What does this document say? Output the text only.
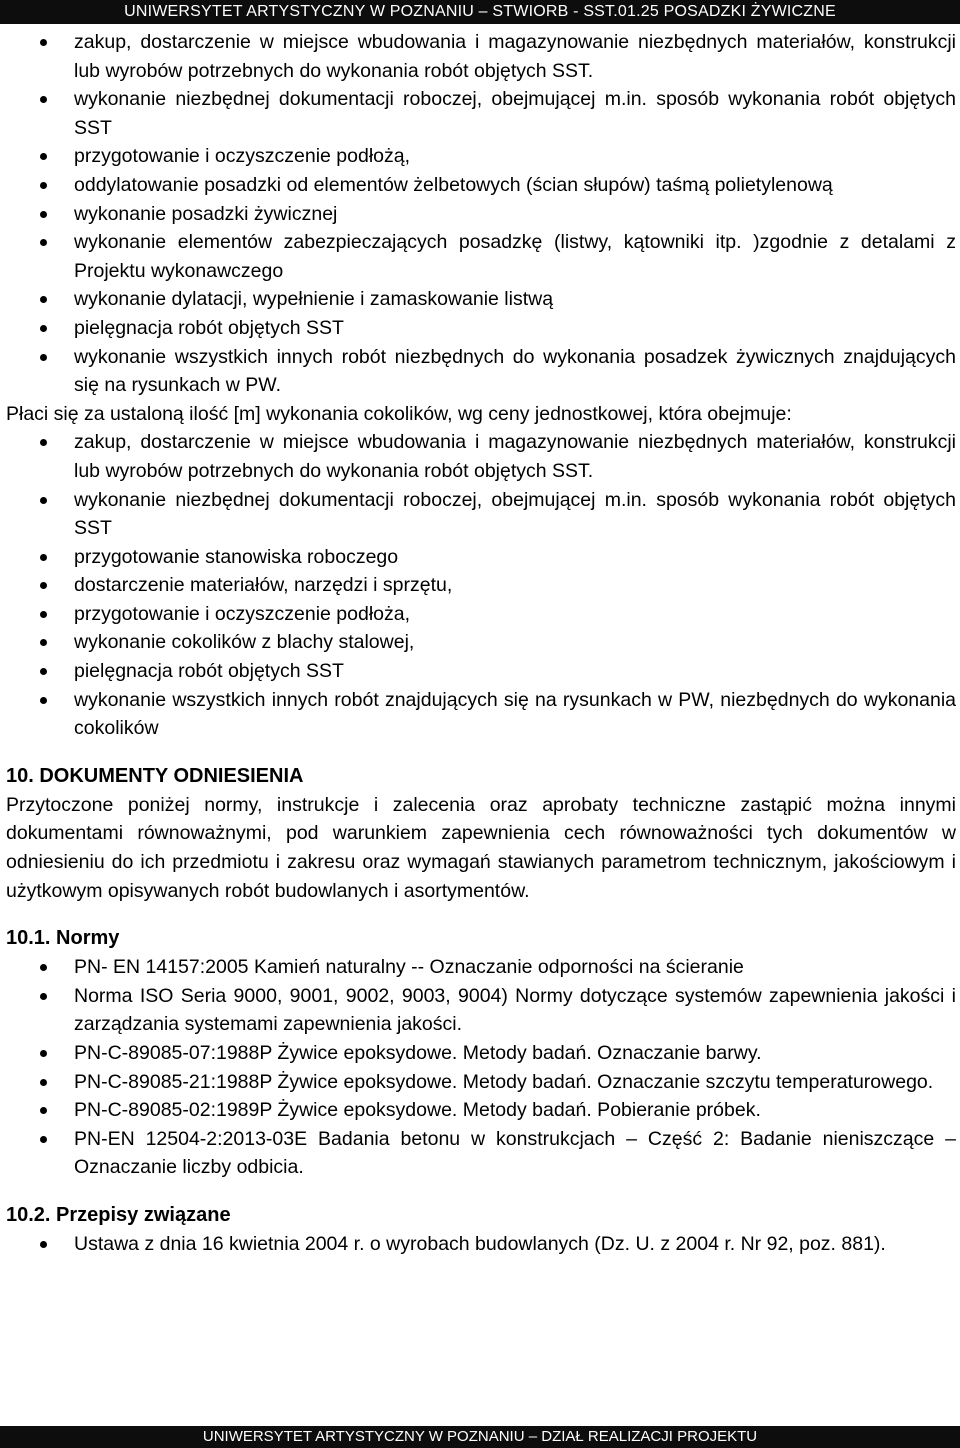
UNIWERSYTET ARTYSTYCZNY W POZNANIU – STWIORB - SST.01.25 POSADZKI ŻYWICZNE
zakup, dostarczenie w miejsce wbudowania i magazynowanie niezbędnych materiałów, konstrukcji lub wyrobów potrzebnych do wykonania robót objętych SST.
wykonanie niezbędnej dokumentacji roboczej, obejmującej m.in. sposób wykonania robót objętych SST
przygotowanie i oczyszczenie podłożą,
oddylatowanie posadzki od elementów żelbetowych (ścian słupów) taśmą polietylenową
wykonanie posadzki żywicznej
wykonanie elementów zabezpieczających posadzkę (listwy, kątowniki itp. )zgodnie z detalami z Projektu wykonawczego
wykonanie dylatacji, wypełnienie i zamaskowanie listwą
pielęgnacja robót objętych SST
wykonanie wszystkich innych robót niezbędnych do wykonania posadzek żywicznych znajdujących się na rysunkach w PW.

Płaci się za ustaloną ilość [m] wykonania cokolików, wg ceny jednostkowej, która obejmuje:

zakup, dostarczenie w miejsce wbudowania i magazynowanie niezbędnych materiałów, konstrukcji lub wyrobów potrzebnych do wykonania robót objętych SST.
wykonanie niezbędnej dokumentacji roboczej, obejmującej m.in. sposób wykonania robót objętych SST
przygotowanie stanowiska roboczego
dostarczenie materiałów, narzędzi i sprzętu,
przygotowanie i oczyszczenie podłoża,
wykonanie cokolików z blachy stalowej,
pielęgnacja robót objętych SST
wykonanie wszystkich innych robót znajdujących się na rysunkach w PW, niezbędnych do wykonania cokolików
10. DOKUMENTY ODNIESIENIA

Przytoczone poniżej normy, instrukcje i zalecenia oraz aprobaty techniczne zastąpić można innymi dokumentami równoważnymi, pod warunkiem zapewnienia cech równoważności tych dokumentów w odniesieniu do ich przedmiotu i zakresu oraz wymagań stawianych parametrom technicznym, jakościowym i użytkowym opisywanych robót budowlanych i asortymentów.

10.1. Normy
PN- EN 14157:2005 Kamień naturalny -- Oznaczanie odporności na ścieranie
Norma ISO Seria 9000, 9001, 9002, 9003, 9004) Normy dotyczące systemów zapewnienia jakości i zarządzania systemami zapewnienia jakości.
PN-C-89085-07:1988P Żywice epoksydowe. Metody badań. Oznaczanie barwy.
PN-C-89085-21:1988P Żywice epoksydowe. Metody badań. Oznaczanie szczytu temperaturowego.
PN-C-89085-02:1989P Żywice epoksydowe. Metody badań. Pobieranie próbek.
PN-EN 12504-2:2013-03E Badania betonu w konstrukcjach – Część 2: Badanie nieniszczące – Oznaczanie liczby odbicia.
10.2. Przepisy związane
Ustawa z dnia 16 kwietnia 2004 r. o wyrobach budowlanych (Dz. U. z 2004 r. Nr 92, poz. 881).
UNIWERSYTET ARTYSTYCZNY W POZNANIU – DZIAŁ REALIZACJI PROJEKTU
